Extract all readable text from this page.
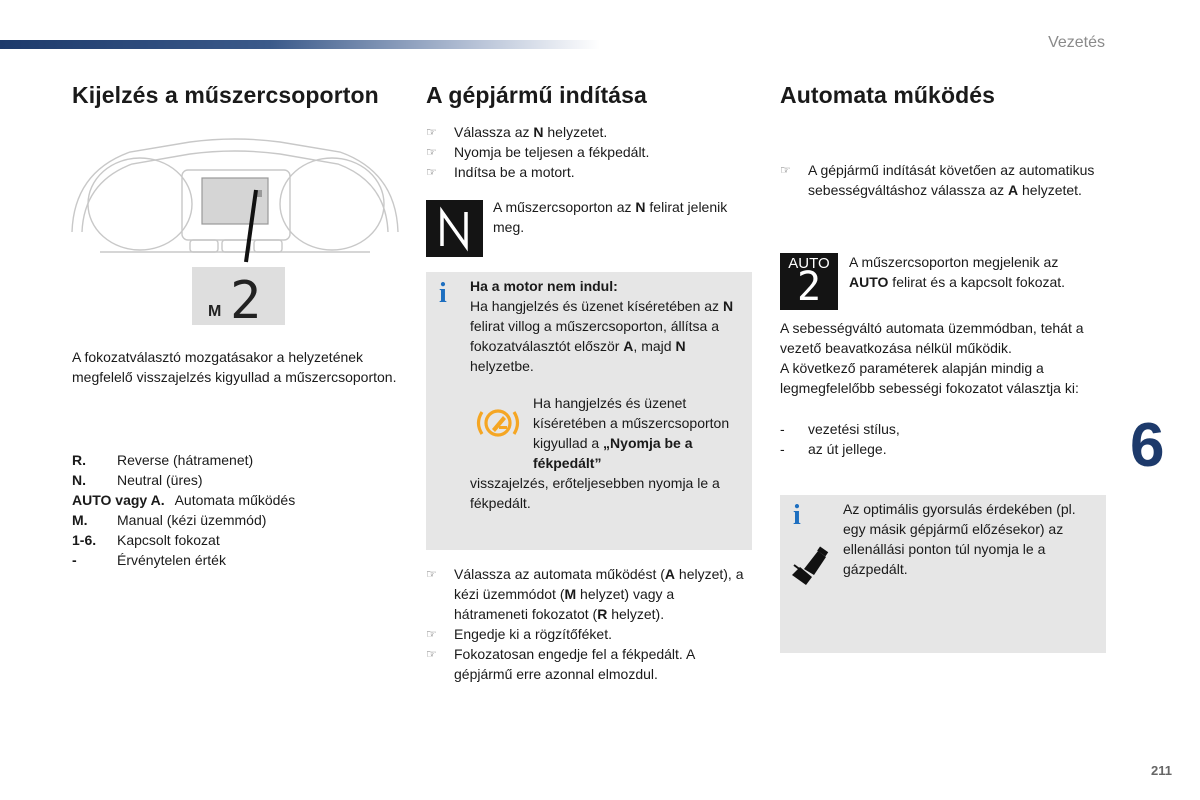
Vezetés
Kijelzés a műszercsoporton
M 2
A fokozatválasztó mozgatásakor a helyzetének megfelelő visszajelzés kigyullad a műszercsoporton.
R. Reverse (hátramenet)
N. Neutral (üres)
AUTO vagy A. Automata működés
M. Manual (kézi üzemmód)
1-6. Kapcsolt fokozat
-	Érvénytelen érték
A gépjármű indítása
☞ Válassza az N helyzetet.
☞ Nyomja be teljesen a fékpedált.
☞ Indítsa be a motort.
A műszercsoporton az N felirat jelenik meg.
i Ha a motor nem indul:
Ha hangjelzés és üzenet kíséretében az N felirat villog a műszercsoporton, állítsa a fokozatválasztót először A, majd N helyzetbe.
Ha hangjelzés és üzenet kíséretében a műszercsoporton kigyullad a „Nyomja be a fékpedált”
visszajelzés, erőteljesebben nyomja le a fékpedált.
☞ Válassza az automata működést (A helyzet), a kézi üzemmódot (M helyzet) vagy a hátrameneti fokozatot (R helyzet).
☞ Engedje ki a rögzítőféket.
☞ Fokozatosan engedje fel a fékpedált. A gépjármű erre azonnal elmozdul.
Automata működés
☞ A gépjármű indítását követően az automatikus sebességváltáshoz válassza az A helyzetet.
AUTO
2
A műszercsoporton megjelenik az AUTO felirat és a kapcsolt fokozat.
A sebességváltó automata üzemmódban, tehát a vezető beavatkozása nélkül működik.
A következő paraméterek alapján mindig a legmegfelelőbb sebességi fokozatot választja ki:
- vezetési stílus,
- az út jellege.
i	Az optimális gyorsulás érdekében (pl. egy másik gépjármű előzésekor) az ellenállási ponton túl nyomja le a gázpedált.
6
211
